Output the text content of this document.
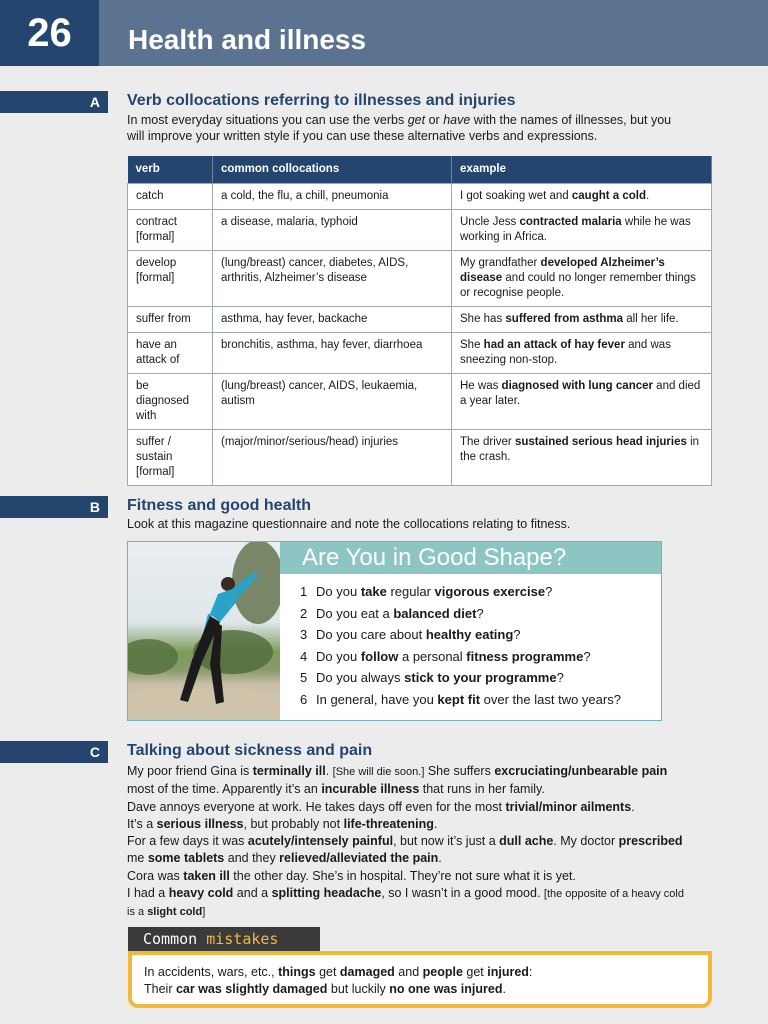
26	Health and illness
A	Verb collocations referring to illnesses and injuries
In most everyday situations you can use the verbs get or have with the names of illnesses, but you will improve your written style if you can use these alternative verbs and expressions.
verb	common collocations	example

catch	a cold, the flu, a chill, pneumonia	I got soaking wet and caught a cold.

contract
[formal]	a disease, malaria, typhoid	Uncle Jess contracted malaria while he was working in Africa.

develop
[formal]	(lung/breast) cancer, diabetes, AIDS, arthritis, Alzheimer’s disease	My grandfather developed Alzheimer’s disease and could no longer remember things or recognise people.

suffer from	asthma, hay fever, backache	She has suffered from asthma all her life.

have an attack of	bronchitis, asthma, hay fever, diarrhoea	She had an attack of hay fever and was sneezing non-stop.

be diagnosed with	(lung/breast) cancer, AIDS, leukaemia, autism	He was diagnosed with lung cancer and died a year later.

suffer / sustain
[formal]	(major/minor/serious/head) injuries	The driver sustained serious head injuries in the crash.
B	Fitness and good health
Look at this magazine questionnaire and note the collocations relating to fitness.
Are You in Good Shape?
1 Do you take regular vigorous exercise?
2 Do you eat a balanced diet?
3 Do you care about healthy eating?
4 Do you follow a personal fitness programme?
5 Do you always stick to your programme?
6 In general, have you kept fit over the last two years?
C	Talking about sickness and pain

My poor friend Gina is terminally ill. [She will die soon.] She suffers excruciating/unbearable pain most of the time. Apparently it’s an incurable illness that runs in her family.

Dave annoys everyone at work. He takes days off even for the most trivial/minor ailments.

It’s a serious illness, but probably not life-threatening.

For a few days it was acutely/intensely painful, but now it’s just a dull ache. My doctor prescribed me some tablets and they relieved/alleviated the pain.

Cora was taken ill the other day. She’s in hospital. They’re not sure what it is yet.

I had a heavy cold and a splitting headache, so I wasn’t in a good mood. [the opposite of a heavy cold is a slight cold]

Common mistakes

In accidents, wars, etc., things get damaged and people get injured:

Their car was slightly damaged but luckily no one was injured.
